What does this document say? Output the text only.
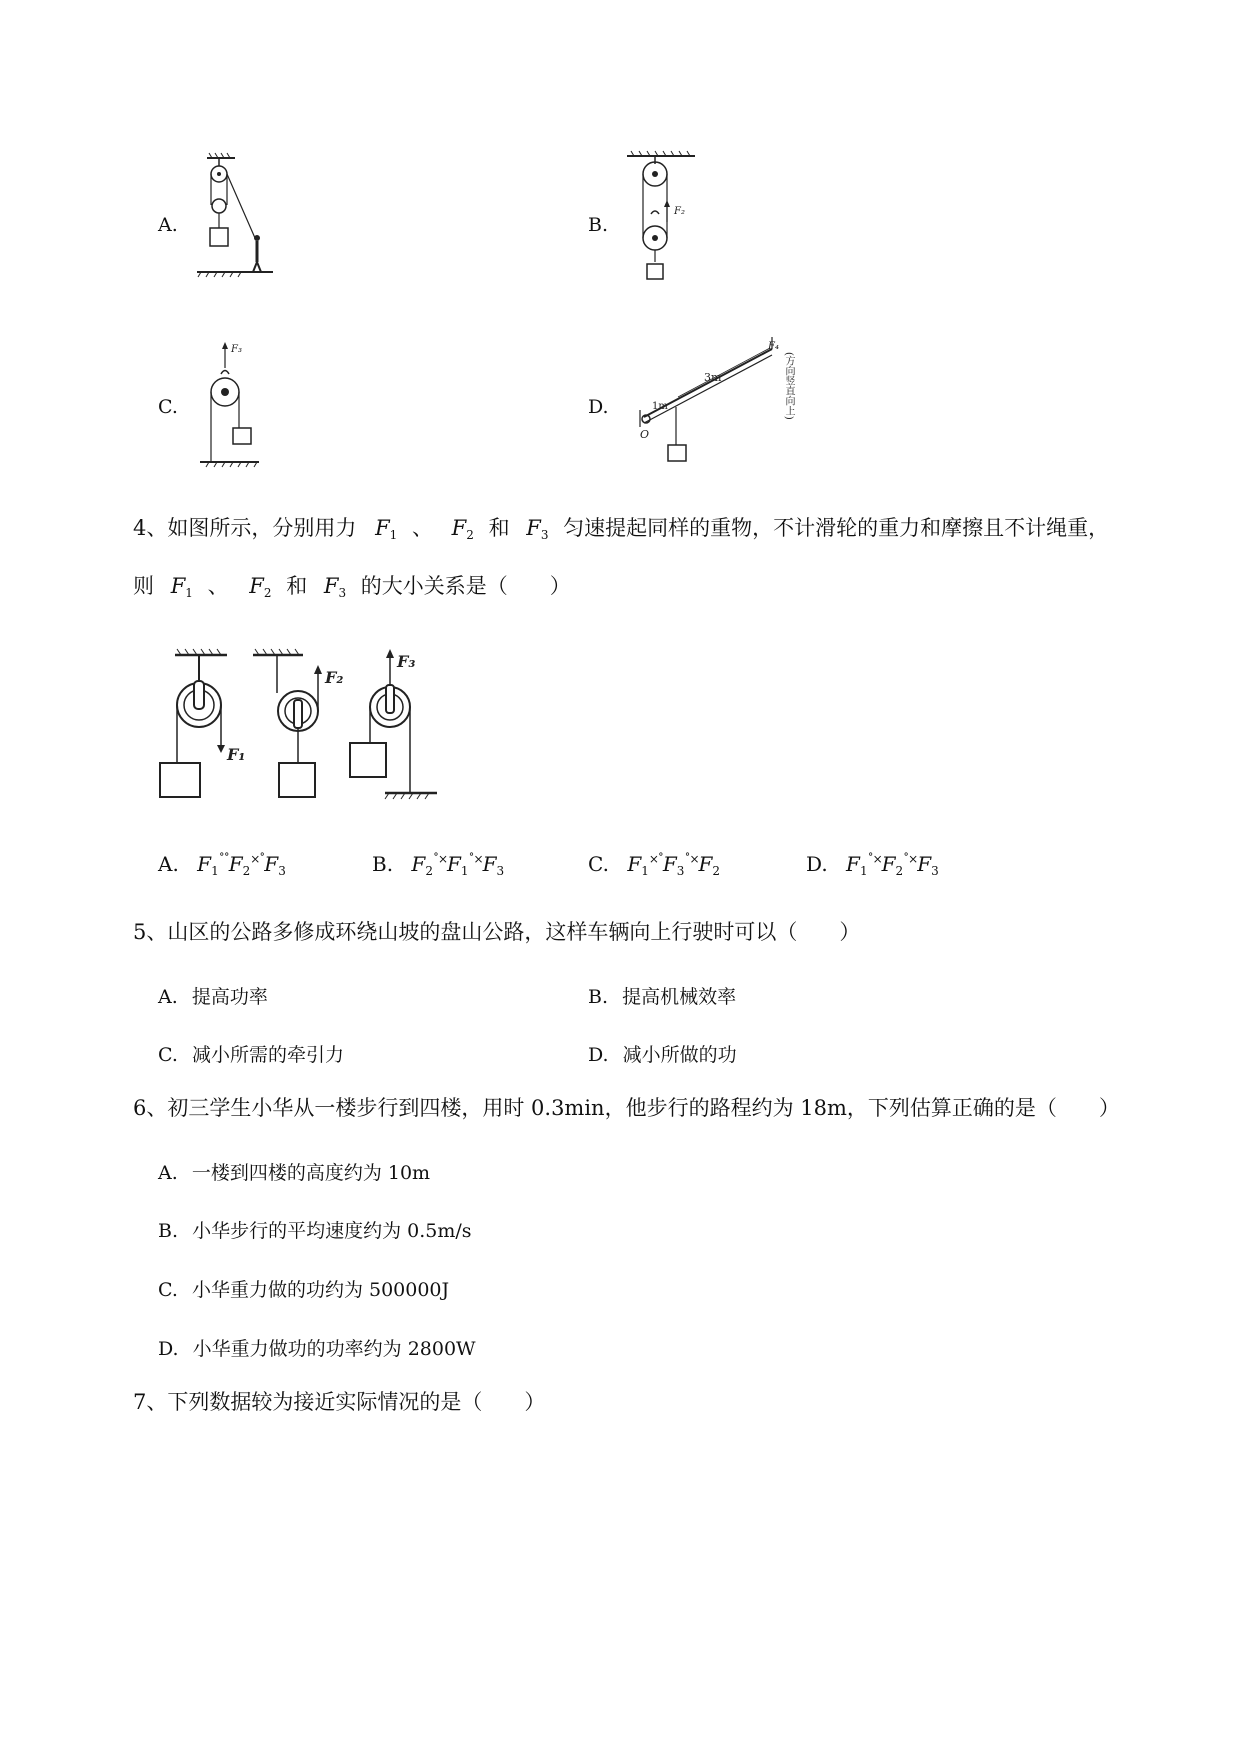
A.	B.
F₂
C.
F₃
D.
O
1m
3m
F₄
(方向竖直向上)
4、如图所示，分别用力 $F_1$ 、 $F_2$ 和 $F_3$ 匀速提起同样的重物，不计滑轮的重力和摩擦且不计绳重，
则 $F_1$ 、 $F_2$ 和 $F_3$ 的大小关系是（　　）
F₁
F₂
F₃
A. $F_1^{˚˚}F_2^{\times˚}F_3$	B. $F_2^{˚\times}F_1^{˚\times}F_3$	C. $F_1^{\times˚}F_3^{˚\times}F_2$	D. $F_1^{˚\times}F_2^{˚\times}F_3$
5、山区的公路多修成环绕山坡的盘山公路，这样车辆向上行驶时可以（　　）
A. 提高功率	B. 提高机械效率
C. 减小所需的牵引力	D. 减小所做的功
6、初三学生小华从一楼步行到四楼，用时 0.3min，他步行的路程约为 18m，下列估算正确的是（　　）
A. 一楼到四楼的高度约为 10m
B. 小华步行的平均速度约为 0.5m/s
C. 小华重力做的功约为 500000J
D. 小华重力做功的功率约为 2800W
7、下列数据较为接近实际情况的是（　　）
